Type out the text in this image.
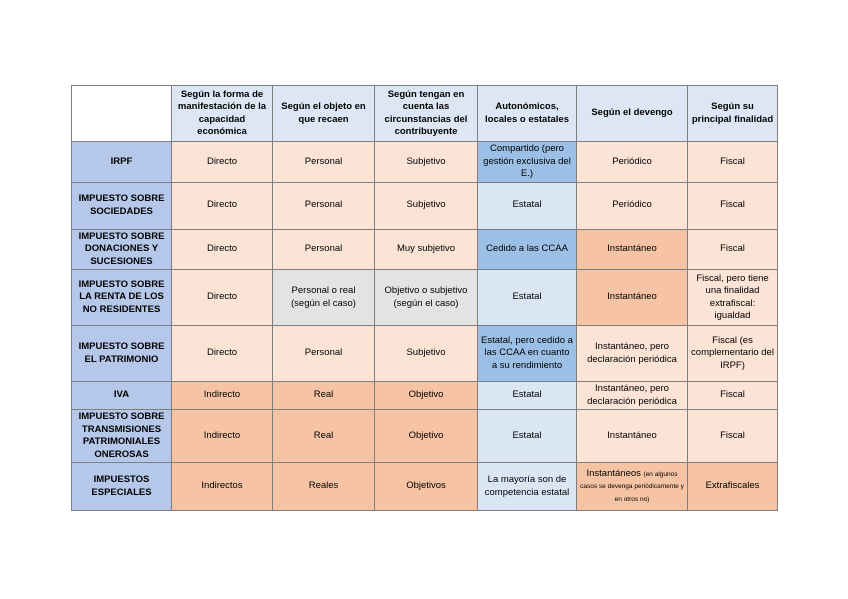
	Según la forma de manifestación de la capacidad económica	Según el objeto en que recaen	Según tengan en cuenta las circunstancias del contribuyente	Autonómicos, locales o estatales	Según el devengo	Según su principal finalidad
IRPF	Directo	Personal	Subjetivo	Compartido (pero gestión exclusiva del E.)	Periódico	Fiscal
IMPUESTO SOBRE SOCIEDADES	Directo	Personal	Subjetivo	Estatal	Periódico	Fiscal
IMPUESTO SOBRE DONACIONES Y SUCESIONES	Directo	Personal	Muy subjetivo	Cedido a las CCAA	Instantáneo	Fiscal
IMPUESTO SOBRE LA RENTA DE LOS NO RESIDENTES	Directo	Personal o real (según el caso)	Objetivo o subjetivo (según el caso)	Estatal	Instantáneo	Fiscal, pero tiene una finalidad extrafiscal: igualdad
IMPUESTO SOBRE EL PATRIMONIO	Directo	Personal	Subjetivo	Estatal, pero cedido a las CCAA en cuanto a su rendimiento	Instantáneo, pero declaración periódica	Fiscal (es complementario del IRPF)
IVA	Indirecto	Real	Objetivo	Estatal	Instantáneo, pero declaración periódica	Fiscal
IMPUESTO SOBRE TRANSMISIONES PATRIMONIALES ONEROSAS	Indirecto	Real	Objetivo	Estatal	Instantáneo	Fiscal
IMPUESTOS ESPECIALES	Indirectos	Reales	Objetivos	La mayoría son de competencia estatal	Instantáneos (en algunos casos se devenga periódicamente y en otros no)	Extrafiscales
